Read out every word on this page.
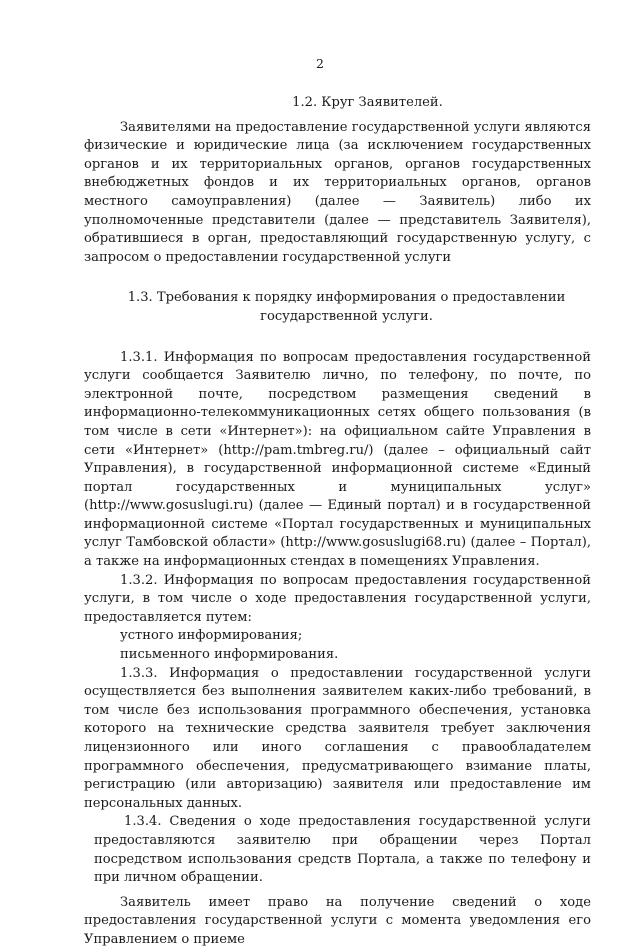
2
1.2. Круг Заявителей.

Заявителями на предоставление государственной услуги являются физические и юридические лица (за исключением государственных органов и их территориальных органов, органов государственных внебюджетных фондов и их территориальных органов, органов местного самоуправления) (далее — Заявитель) либо их уполномоченные представители (далее — представитель Заявителя), обратившиеся в орган, предоставляющий государственную услугу, с запросом о предоставлении государственной услуги

1.3. Требования к порядку информирования о предоставлении государственной услуги.

1.3.1. Информация по вопросам предоставления государственной услуги сообщается Заявителю лично, по телефону, по почте, по электронной почте, посредством размещения сведений в информационно-телекоммуникационных сетях общего пользования (в том числе в сети «Интернет»): на официальном сайте Управления в сети «Интернет» (http://pam.tmbreg.ru/) (далее – официальный сайт Управления), в государственной информационной системе «Единый портал государственных и муниципальных услуг» (http://www.gosuslugi.ru) (далее — Единый портал) и в государственной информационной системе «Портал государственных и муниципальных услуг Тамбовской области» (http://www.gosuslugi68.ru) (далее – Портал), а также на информационных стендах в помещениях Управления.

1.3.2. Информация по вопросам предоставления государственной услуги, в том числе о ходе предоставления государственной услуги, предоставляется путем:

устного информирования;

письменного информирования.

1.3.3. Информация о предоставлении государственной услуги осуществляется без выполнения заявителем каких-либо требований, в том числе без использования программного обеспечения, установка которого на технические средства заявителя требует заключения лицензионного или иного соглашения с правообладателем программного обеспечения, предусматривающего взимание платы, регистрацию (или авторизацию) заявителя или предоставление им персональных данных.

1.3.4. Сведения о ходе предоставления государственной услуги предоставляются заявителю при обращении через Портал посредством использования средств Портала, а также по телефону и при личном обращении.

Заявитель имеет право на получение сведений о ходе предоставления государственной услуги с момента уведомления его Управлением о приеме
